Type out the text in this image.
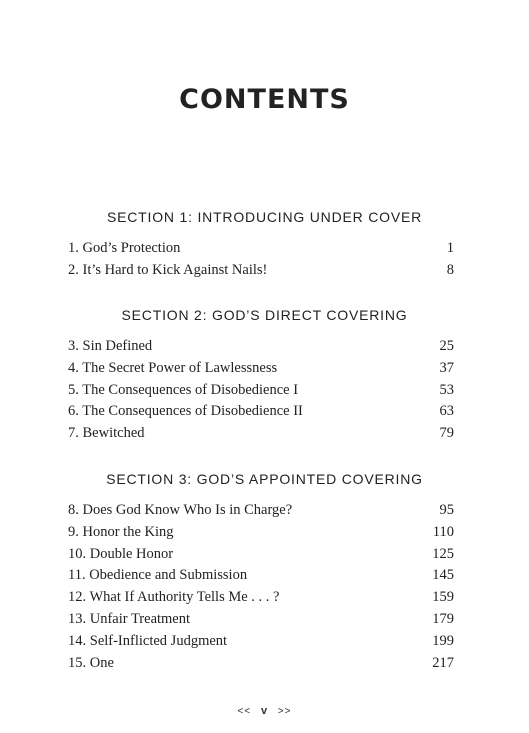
CONTENTS
SECTION 1: INTRODUCING UNDER COVER
1. God’s Protection	1
2. It’s Hard to Kick Against Nails!	8
SECTION 2: GOD’S DIRECT COVERING
3. Sin Defined	25
4. The Secret Power of Lawlessness	37
5. The Consequences of Disobedience I	53
6. The Consequences of Disobedience II	63
7. Bewitched	79
SECTION 3: GOD’S APPOINTED COVERING
8. Does God Know Who Is in Charge?	95
9. Honor the King	110
10. Double Honor	125
11. Obedience and Submission	145
12. What If Authority Tells Me . . . ?	159
13. Unfair Treatment	179
14. Self-Inflicted Judgment	199
15. One	217
<< v >>
